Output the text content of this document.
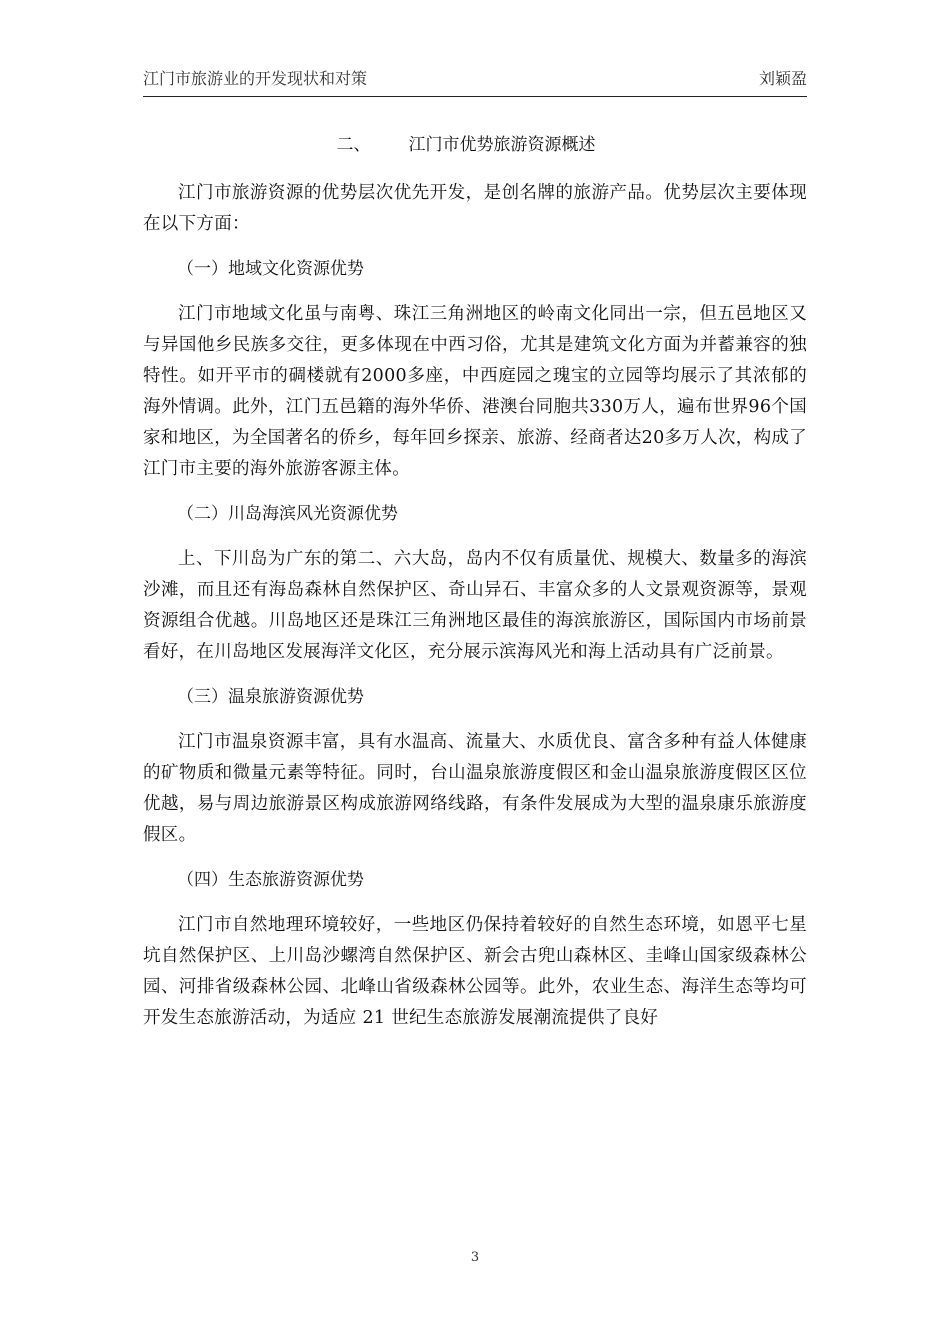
江门市旅游业的开发现状和对策	刘颖盈
二、 江门市优势旅游资源概述

江门市旅游资源的优势层次优先开发，是创名牌的旅游产品。优势层次主要体现在以下方面：

（一）地域文化资源优势

江门市地域文化虽与南粤、珠江三角洲地区的岭南文化同出一宗，但五邑地区又与异国他乡民族多交往，更多体现在中西习俗，尤其是建筑文化方面为并蓄兼容的独特性。如开平市的碉楼就有2000多座，中西庭园之瑰宝的立园等均展示了其浓郁的海外情调。此外，江门五邑籍的海外华侨、港澳台同胞共330万人，遍布世界96个国家和地区，为全国著名的侨乡，每年回乡探亲、旅游、经商者达20多万人次，构成了江门市主要的海外旅游客源主体。

（二）川岛海滨风光资源优势

上、下川岛为广东的第二、六大岛，岛内不仅有质量优、规模大、数量多的海滨沙滩，而且还有海岛森林自然保护区、奇山异石、丰富众多的人文景观资源等，景观资源组合优越。川岛地区还是珠江三角洲地区最佳的海滨旅游区，国际国内市场前景看好，在川岛地区发展海洋文化区，充分展示滨海风光和海上活动具有广泛前景。

（三）温泉旅游资源优势

江门市温泉资源丰富，具有水温高、流量大、水质优良、富含多种有益人体健康的矿物质和微量元素等特征。同时，台山温泉旅游度假区和金山温泉旅游度假区区位优越，易与周边旅游景区构成旅游网络线路，有条件发展成为大型的温泉康乐旅游度假区。

（四）生态旅游资源优势

江门市自然地理环境较好，一些地区仍保持着较好的自然生态环境，如恩平七星坑自然保护区、上川岛沙螺湾自然保护区、新会古兜山森林区、圭峰山国家级森林公园、河排省级森林公园、北峰山省级森林公园等。此外，农业生态、海洋生态等均可开发生态旅游活动，为适应 21 世纪生态旅游发展潮流提供了良好

3
